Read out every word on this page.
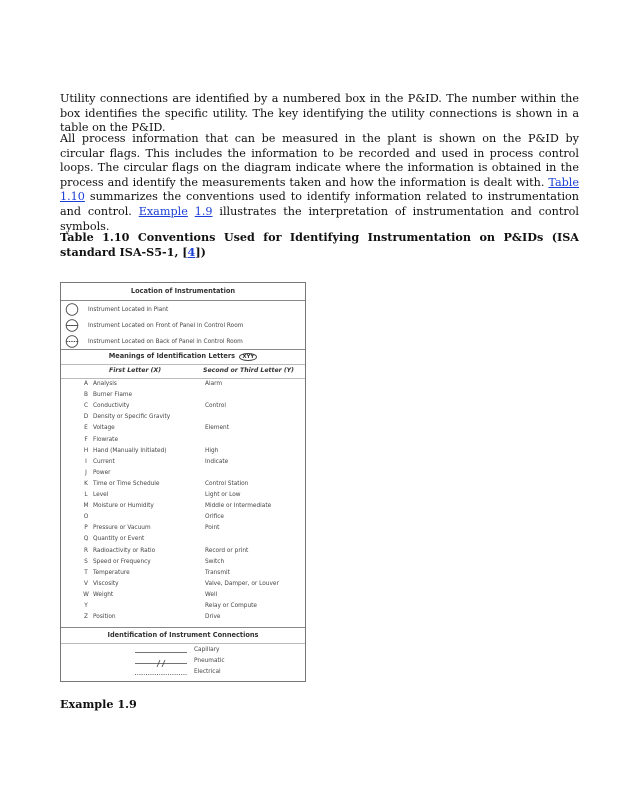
Utility connections are identified by a numbered box in the P&ID. The number within the box identifies the specific utility. The key identifying the utility connections is shown in a table on the P&ID.

All process information that can be measured in the plant is shown on the P&ID by circular flags. This includes the information to be recorded and used in process control loops. The circular flags on the diagram indicate where the information is obtained in the process and identify the measurements taken and how the information is dealt with. Table 1.10 summarizes the conventions used to identify information related to instrumentation and control. Example 1.9 illustrates the interpretation of instrumentation and control symbols.

Table 1.10 Conventions Used for Identifying Instrumentation on P&IDs (ISA standard ISA-S5-1, [4])

Location of Instrumentation
Instrument Located in Plant
Instrument Located on Front of Panel in Control Room
Instrument Located on Back of Panel in Control Room
Meanings of Identification Letters XYY
First Letter (X)	Second or Third Letter (Y)
A Analysis	Alarm
B Burner Flame
C Conductivity	Control
D Density or Specific Gravity
E Voltage	Element
F Flowrate
H Hand (Manually Initiated)	High
I	Current	Indicate
J	Power
K Time or Time Schedule	Control Station
L Level	Light or Low
M Moisture or Humidity	Middle or Intermediate
O	Orifice
P Pressure or Vacuum	Point
Q Quantity or Event
R Radioactivity or Ratio	Record or print
S Speed or Frequency	Switch
T Temperature	Transmit
V Viscosity	Valve, Damper, or Louver
W Weight	Well
Y	Relay or Compute
Z Position	Drive
Identification of Instrument Connections
Capillary
Pneumatic
Electrical

Example 1.9
